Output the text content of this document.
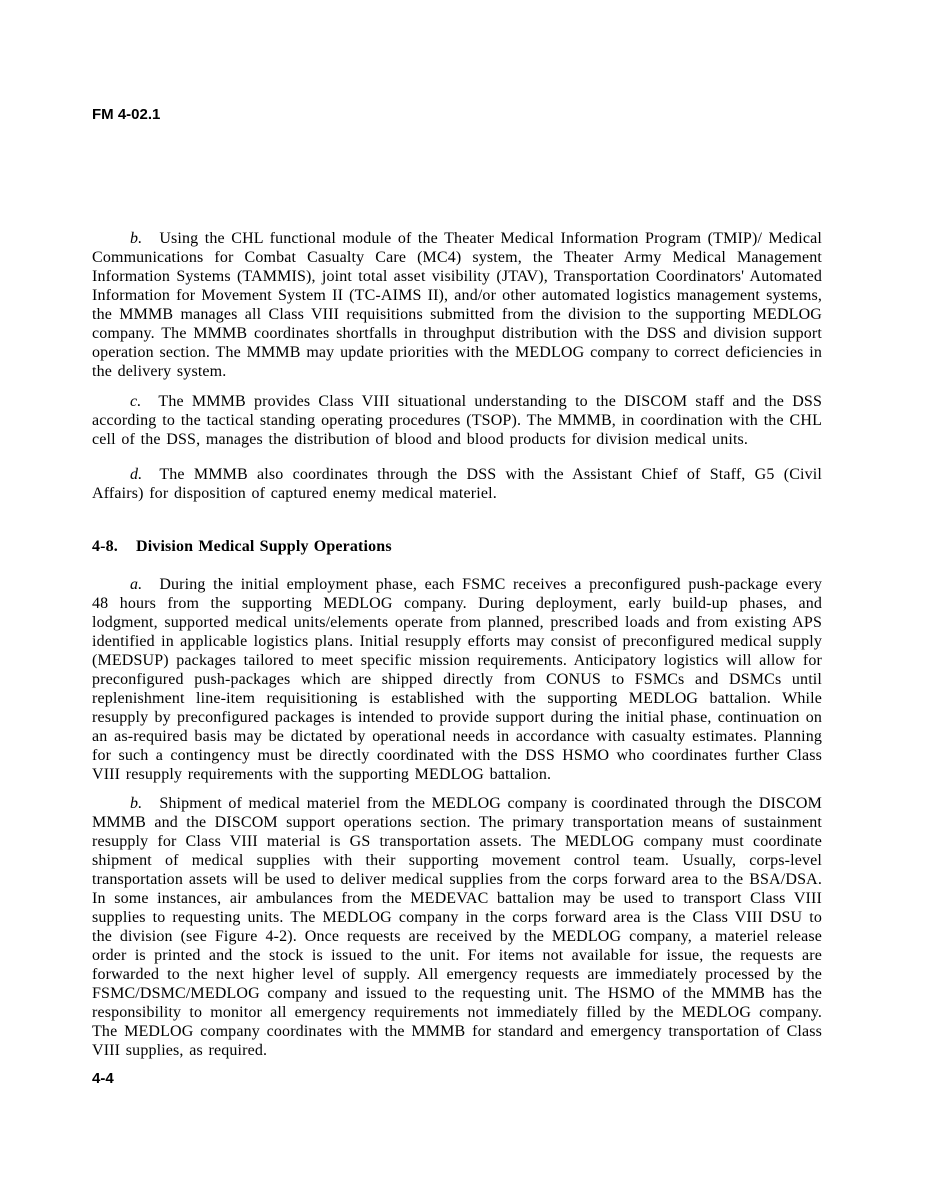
FM 4-02.1

b. Using the CHL functional module of the Theater Medical Information Program (TMIP)/ Medical Communications for Combat Casualty Care (MC4) system, the Theater Army Medical Management Information Systems (TAMMIS), joint total asset visibility (JTAV), Transportation Coordinators' Automated Information for Movement System II (TC-AIMS II), and/or other automated logistics management systems, the MMMB manages all Class VIII requisitions submitted from the division to the supporting MEDLOG company. The MMMB coordinates shortfalls in throughput distribution with the DSS and division support operation section. The MMMB may update priorities with the MEDLOG company to correct deficiencies in the delivery system.

c. The MMMB provides Class VIII situational understanding to the DISCOM staff and the DSS according to the tactical standing operating procedures (TSOP). The MMMB, in coordination with the CHL cell of the DSS, manages the distribution of blood and blood products for division medical units.

d. The MMMB also coordinates through the DSS with the Assistant Chief of Staff, G5 (Civil Affairs) for disposition of captured enemy medical materiel.

4-8. Division Medical Supply Operations

a. During the initial employment phase, each FSMC receives a preconfigured push-package every 48 hours from the supporting MEDLOG company. During deployment, early build-up phases, and lodgment, supported medical units/elements operate from planned, prescribed loads and from existing APS identified in applicable logistics plans. Initial resupply efforts may consist of preconfigured medical supply (MEDSUP) packages tailored to meet specific mission requirements. Anticipatory logistics will allow for preconfigured push-packages which are shipped directly from CONUS to FSMCs and DSMCs until replenishment line-item requisitioning is established with the supporting MEDLOG battalion. While resupply by preconfigured packages is intended to provide support during the initial phase, continuation on an as-required basis may be dictated by operational needs in accordance with casualty estimates. Planning for such a contingency must be directly coordinated with the DSS HSMO who coordinates further Class VIII resupply requirements with the supporting MEDLOG battalion.

b. Shipment of medical materiel from the MEDLOG company is coordinated through the DISCOM MMMB and the DISCOM support operations section. The primary transportation means of sustainment resupply for Class VIII material is GS transportation assets. The MEDLOG company must coordinate shipment of medical supplies with their supporting movement control team. Usually, corps-level transportation assets will be used to deliver medical supplies from the corps forward area to the BSA/DSA. In some instances, air ambulances from the MEDEVAC battalion may be used to transport Class VIII supplies to requesting units. The MEDLOG company in the corps forward area is the Class VIII DSU to the division (see Figure 4-2). Once requests are received by the MEDLOG company, a materiel release order is printed and the stock is issued to the unit. For items not available for issue, the requests are forwarded to the next higher level of supply. All emergency requests are immediately processed by the FSMC/DSMC/MEDLOG company and issued to the requesting unit. The HSMO of the MMMB has the responsibility to monitor all emergency requirements not immediately filled by the MEDLOG company. The MEDLOG company coordinates with the MMMB for standard and emergency transportation of Class VIII supplies, as required.

4-4
